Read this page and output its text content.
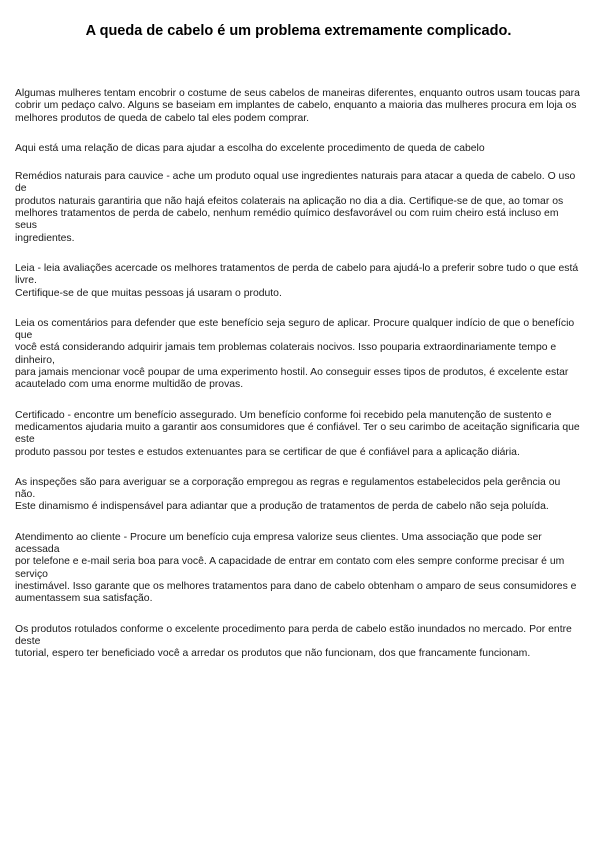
A queda de cabelo é um problema extremamente complicado.

Algumas mulheres tentam encobrir o costume de seus cabelos de maneiras diferentes, enquanto outros usam toucas para
cobrir um pedaço calvo. Alguns se baseiam em implantes de cabelo, enquanto a maioria das mulheres procura em loja os
melhores produtos de queda de cabelo tal eles podem comprar.

Aqui está uma relação de dicas para ajudar a escolha do excelente procedimento de queda de cabelo

Remédios naturais para cauvice - ache um produto oqual use ingredientes naturais para atacar a queda de cabelo. O uso de
produtos naturais garantiria que não hajá efeitos colaterais na aplicação no dia a dia. Certifique-se de que, ao tomar os
melhores tratamentos de perda de cabelo, nenhum remédio químico desfavorável ou com ruim cheiro está incluso em seus
ingredientes.

Leia - leia avaliações acercade os melhores tratamentos de perda de cabelo para ajudá-lo a preferir sobre tudo o que está livre.
Certifique-se de que muitas pessoas já usaram o produto.

Leia os comentários para defender que este benefício seja seguro de aplicar. Procure qualquer indício de que o benefício que
você está considerando adquirir jamais tem problemas colaterais nocivos. Isso pouparia extraordinariamente tempo e dinheiro,
para jamais mencionar você poupar de uma experimento hostil. Ao conseguir esses tipos de produtos, é excelente estar
acautelado com uma enorme multidão de provas.

Certificado - encontre um benefício assegurado. Um benefício conforme foi recebido pela manutenção de sustento e
medicamentos ajudaria muito a garantir aos consumidores que é confiável. Ter o seu carimbo de aceitação significaria que este
produto passou por testes e estudos extenuantes para se certificar de que é confiável para a aplicação diária.

As inspeções são para averiguar se a corporação empregou as regras e regulamentos estabelecidos pela gerência ou não.
Este dinamismo é indispensável para adiantar que a produção de tratamentos de perda de cabelo não seja poluída.

Atendimento ao cliente - Procure um benefício cuja empresa valorize seus clientes. Uma associação que pode ser acessada
por telefone e e-mail seria boa para você. A capacidade de entrar em contato com eles sempre conforme precisar é um serviço
inestimável. Isso garante que os melhores tratamentos para dano de cabelo obtenham o amparo de seus consumidores e
aumentassem sua satisfação.

Os produtos rotulados conforme o excelente procedimento para perda de cabelo estão inundados no mercado. Por entre deste
tutorial, espero ter beneficiado você a arredar os produtos que não funcionam, dos que francamente funcionam.
